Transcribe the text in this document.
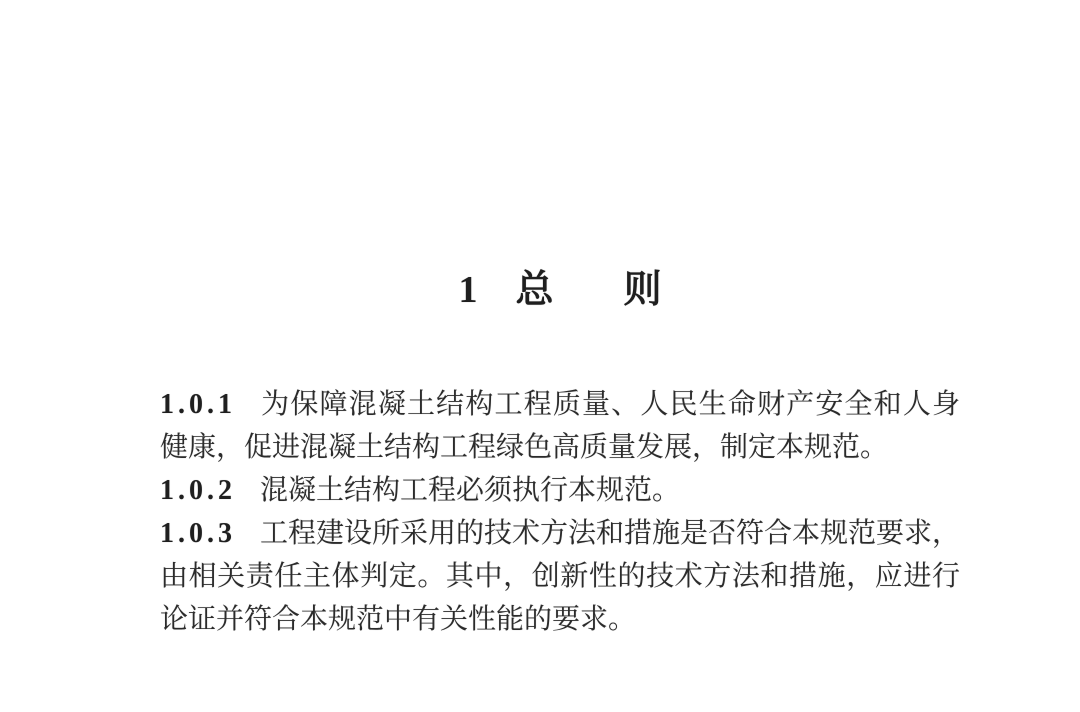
1 总 则

1.0.1 为保障混凝土结构工程质量、人民生命财产安全和人身

健康，促进混凝土结构工程绿色高质量发展，制定本规范。

1.0.2 混凝土结构工程必须执行本规范。

1.0.3 工程建设所采用的技术方法和措施是否符合本规范要求，

由相关责任主体判定。其中，创新性的技术方法和措施，应进行

论证并符合本规范中有关性能的要求。
